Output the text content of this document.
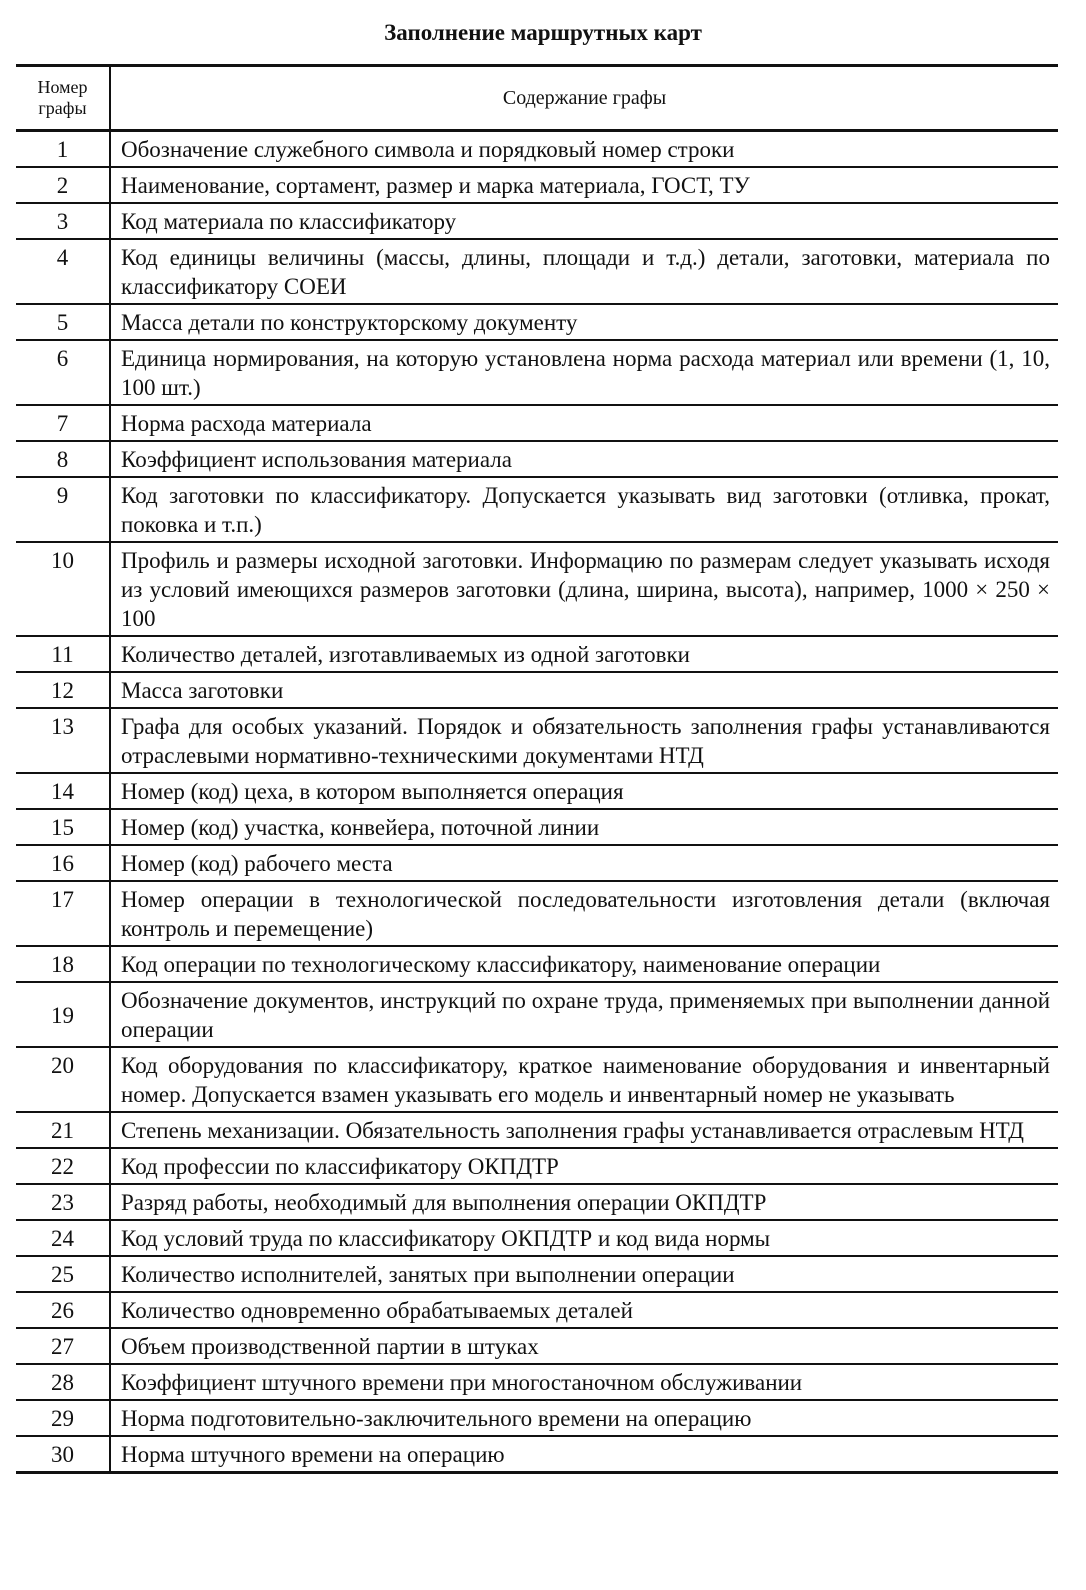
Заполнение маршрутных карт
Номер
графы	Содержание графы
1	Обозначение служебного символа и порядковый номер строки
2	Наименование, сортамент, размер и марка материала, ГОСТ, ТУ
3	Код материала по классификатору
4	Код единицы величины (массы, длины, площади и т.д.) детали, заготовки, материала по классификатору СОЕИ
5	Масса детали по конструкторскому документу
6	Единица нормирования, на которую установлена норма расхода материал или времени (1, 10, 100 шт.)
7	Норма расхода материала
8	Коэффициент использования материала
9	Код заготовки по классификатору. Допускается указывать вид заготовки (отливка, прокат, поковка и т.п.)
10	Профиль и размеры исходной заготовки. Информацию по размерам следует указывать исходя из условий имеющихся размеров заготовки (длина, ширина, высота), например, 1000 × 250 × 100
11	Количество деталей, изготавливаемых из одной заготовки
12	Масса заготовки
13	Графа для особых указаний. Порядок и обязательность заполнения графы устанавливаются отраслевыми нормативно-техническими документами НТД
14	Номер (код) цеха, в котором выполняется операция
15	Номер (код) участка, конвейера, поточной линии
16	Номер (код) рабочего места
17	Номер операции в технологической последовательности изготовления детали (включая контроль и перемещение)
18	Код операции по технологическому классификатору, наименование операции
19	Обозначение документов, инструкций по охране труда, применяемых при выполнении данной операции
20	Код оборудования по классификатору, краткое наименование оборудования и инвентарный номер. Допускается взамен указывать его модель и инвентарный номер не указывать
21	Степень механизации. Обязательность заполнения графы устанавливается отраслевым НТД
22	Код профессии по классификатору ОКПДТР
23	Разряд работы, необходимый для выполнения операции ОКПДТР
24	Код условий труда по классификатору ОКПДТР и код вида нормы
25	Количество исполнителей, занятых при выполнении операции
26	Количество одновременно обрабатываемых деталей
27	Объем производственной партии в штуках
28	Коэффициент штучного времени при многостаночном обслуживании
29	Норма подготовительно-заключительного времени на операцию
30	Норма штучного времени на операцию
